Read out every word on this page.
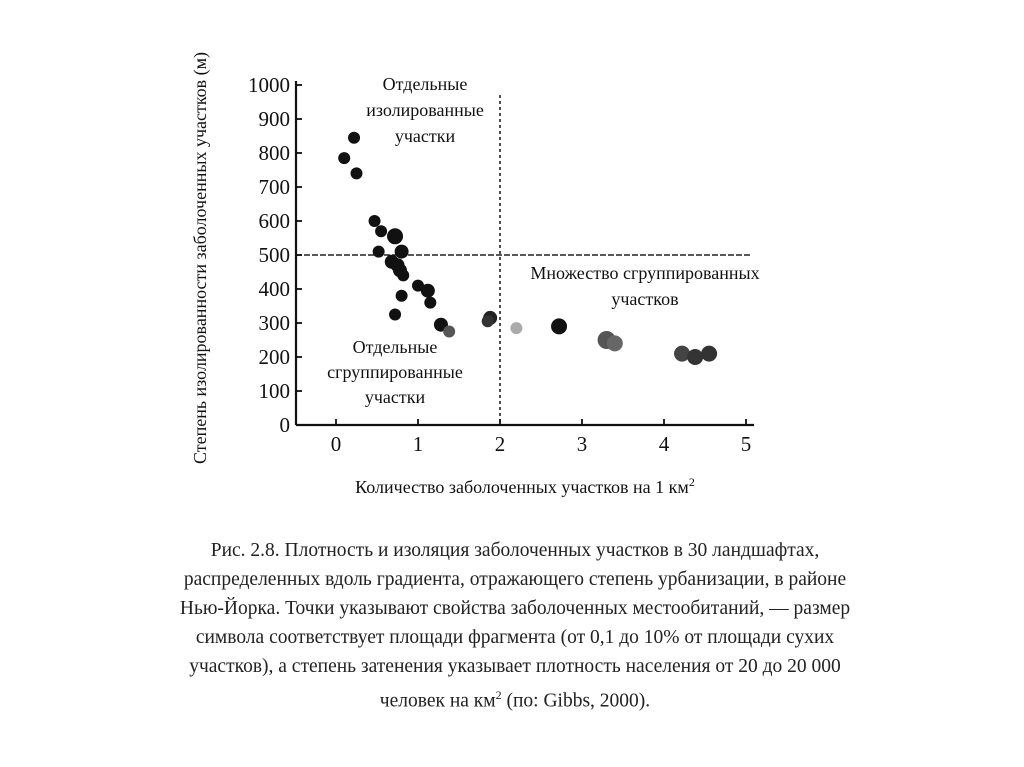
0
100
200
300
400
500
600
700
800
900
1000
0	1	2	3	4	5
Отдельные изолированные участки
Множество сгруппированных участков
Отдельные сгруппированные участки
Количество заболоченных участков на 1 $км^2$
Степень изолированности заболоченных участков (м)
Рис. 2.8. Плотность и изоляция заболоченных участков в 30 ландшафтах,
распределенных вдоль градиента, отражающего степень урбанизации, в районе
Нью-Йорка. Точки указывают свойства заболоченных местообитаний, — размер
символа соответствует площади фрагмента (от 0,1 до 10% от площади сухих
участков), а степень затенения указывает плотность населения от 20 до 20 000
человек на $км^2$ (по: Gibbs, 2000).
